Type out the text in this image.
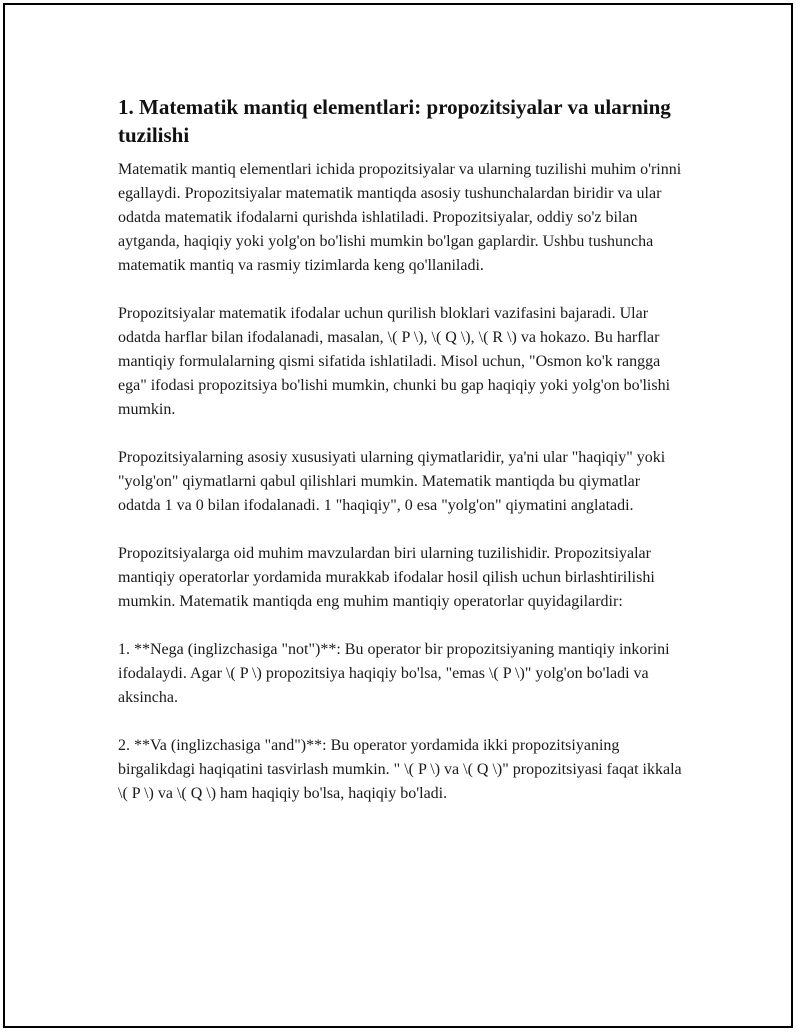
1. Matematik mantiq elementlari: propozitsiyalar va ularning tuzilishi

Matematik mantiq elementlari ichida propozitsiyalar va ularning tuzilishi muhim o'rinni egallaydi. Propozitsiyalar matematik mantiqda asosiy tushunchalardan biridir va ular odatda matematik ifodalarni qurishda ishlatiladi. Propozitsiyalar, oddiy so'z bilan aytganda, haqiqiy yoki yolg'on bo'lishi mumkin bo'lgan gaplardir. Ushbu tushuncha matematik mantiq va rasmiy tizimlarda keng qo'llaniladi.

Propozitsiyalar matematik ifodalar uchun qurilish bloklari vazifasini bajaradi. Ular odatda harflar bilan ifodalanadi, masalan, \( P \), \( Q \), \( R \) va hokazo. Bu harflar mantiqiy formulalarning qismi sifatida ishlatiladi. Misol uchun, "Osmon ko'k rangga ega" ifodasi propozitsiya bo'lishi mumkin, chunki bu gap haqiqiy yoki yolg'on bo'lishi mumkin.

Propozitsiyalarning asosiy xususiyati ularning qiymatlaridir, ya'ni ular "haqiqiy" yoki "yolg'on" qiymatlarni qabul qilishlari mumkin. Matematik mantiqda bu qiymatlar odatda 1 va 0 bilan ifodalanadi. 1 "haqiqiy", 0 esa "yolg'on" qiymatini anglatadi.

Propozitsiyalarga oid muhim mavzulardan biri ularning tuzilishidir. Propozitsiyalar mantiqiy operatorlar yordamida murakkab ifodalar hosil qilish uchun birlashtirilishi mumkin. Matematik mantiqda eng muhim mantiqiy operatorlar quyidagilardir:

1. **Nega (inglizchasiga "not")**: Bu operator bir propozitsiyaning mantiqiy inkorini ifodalaydi. Agar \( P \) propozitsiya haqiqiy bo'lsa, "emas \( P \)" yolg'on bo'ladi va aksincha.

2. **Va (inglizchasiga "and")**: Bu operator yordamida ikki propozitsiyaning birgalikdagi haqiqatini tasvirlash mumkin. " \( P \) va \( Q \)" propozitsiyasi faqat ikkala \( P \) va \( Q \) ham haqiqiy bo'lsa, haqiqiy bo'ladi.
